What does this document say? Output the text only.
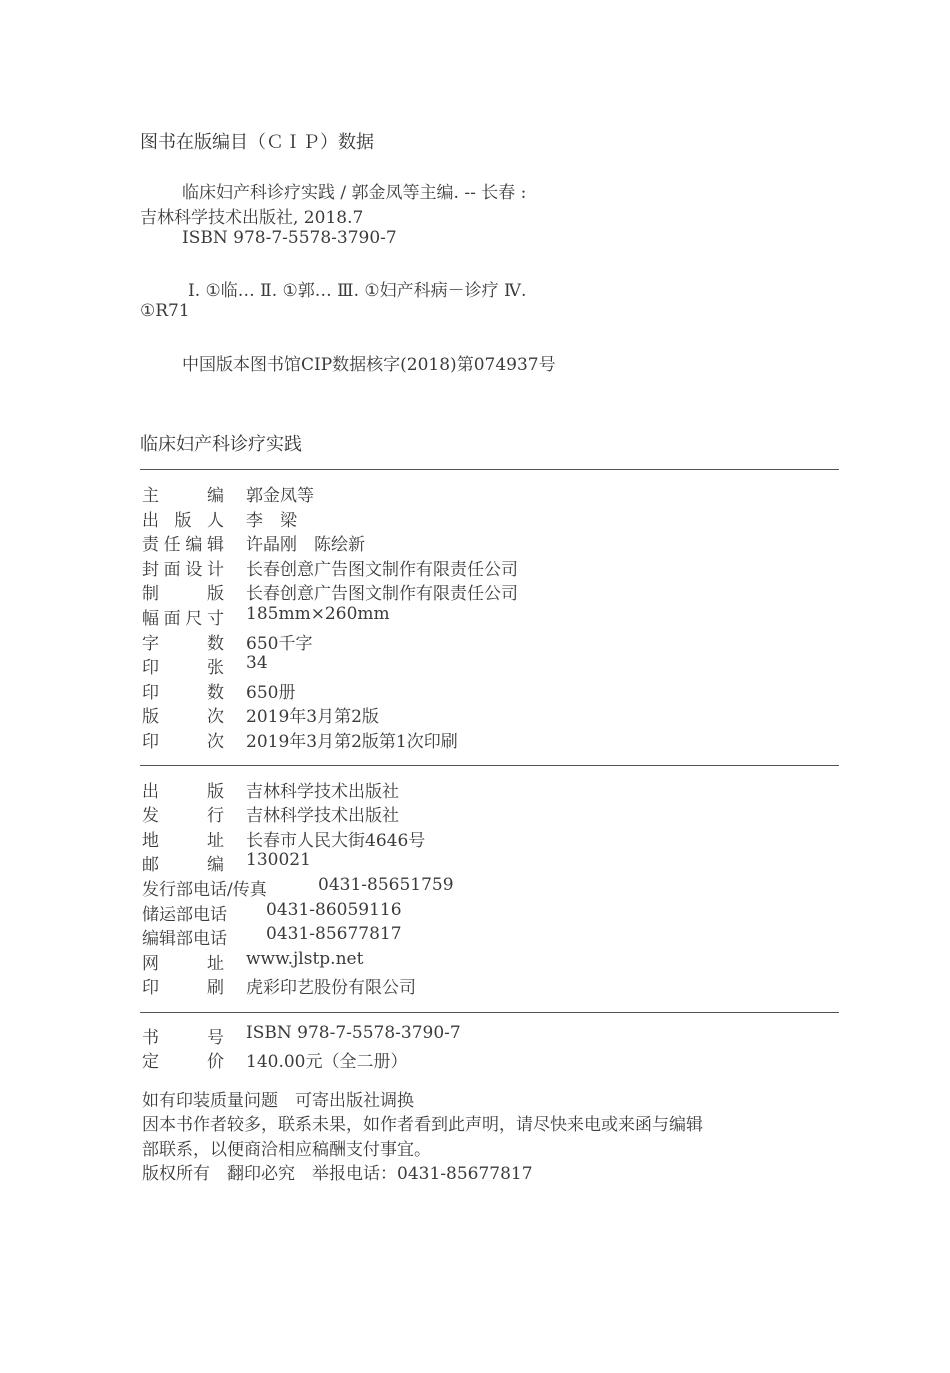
图书在版编目（ＣＩＰ）数据
临床妇产科诊疗实践 / 郭金凤等主编. -- 长春 :
吉林科学技术出版社, 2018.7
ISBN 978-7-5578-3790-7
Ⅰ. ①临… Ⅱ. ①郭… Ⅲ. ①妇产科病－诊疗 Ⅳ.
①R71
中国版本图书馆CIP数据核字(2018)第074937号
临床妇产科诊疗实践
主编 郭金凤等
出版人 李　梁
责任编辑 许晶刚　陈绘新
封面设计 长春创意广告图文制作有限责任公司
制版 长春创意广告图文制作有限责任公司
幅面尺寸 185mm×260mm
字数 650千字
印张 34
印数 650册
版次 2019年3月第2版
印次 2019年3月第2版第1次印刷
出版 吉林科学技术出版社
发行 吉林科学技术出版社
地址 长春市人民大街4646号
邮编 130021
发行部电话/传真	0431-85651759
储运部电话 0431-86059116
编辑部电话 0431-85677817
网址 www.jlstp.net
印刷 虎彩印艺股份有限公司
书号 ISBN 978-7-5578-3790-7
定价 140.00元（全二册）
如有印装质量问题　可寄出版社调换
因本书作者较多，联系未果，如作者看到此声明，请尽快来电或来函与编辑
部联系，以便商洽相应稿酬支付事宜。
版权所有　翻印必究　举报电话：0431-85677817
